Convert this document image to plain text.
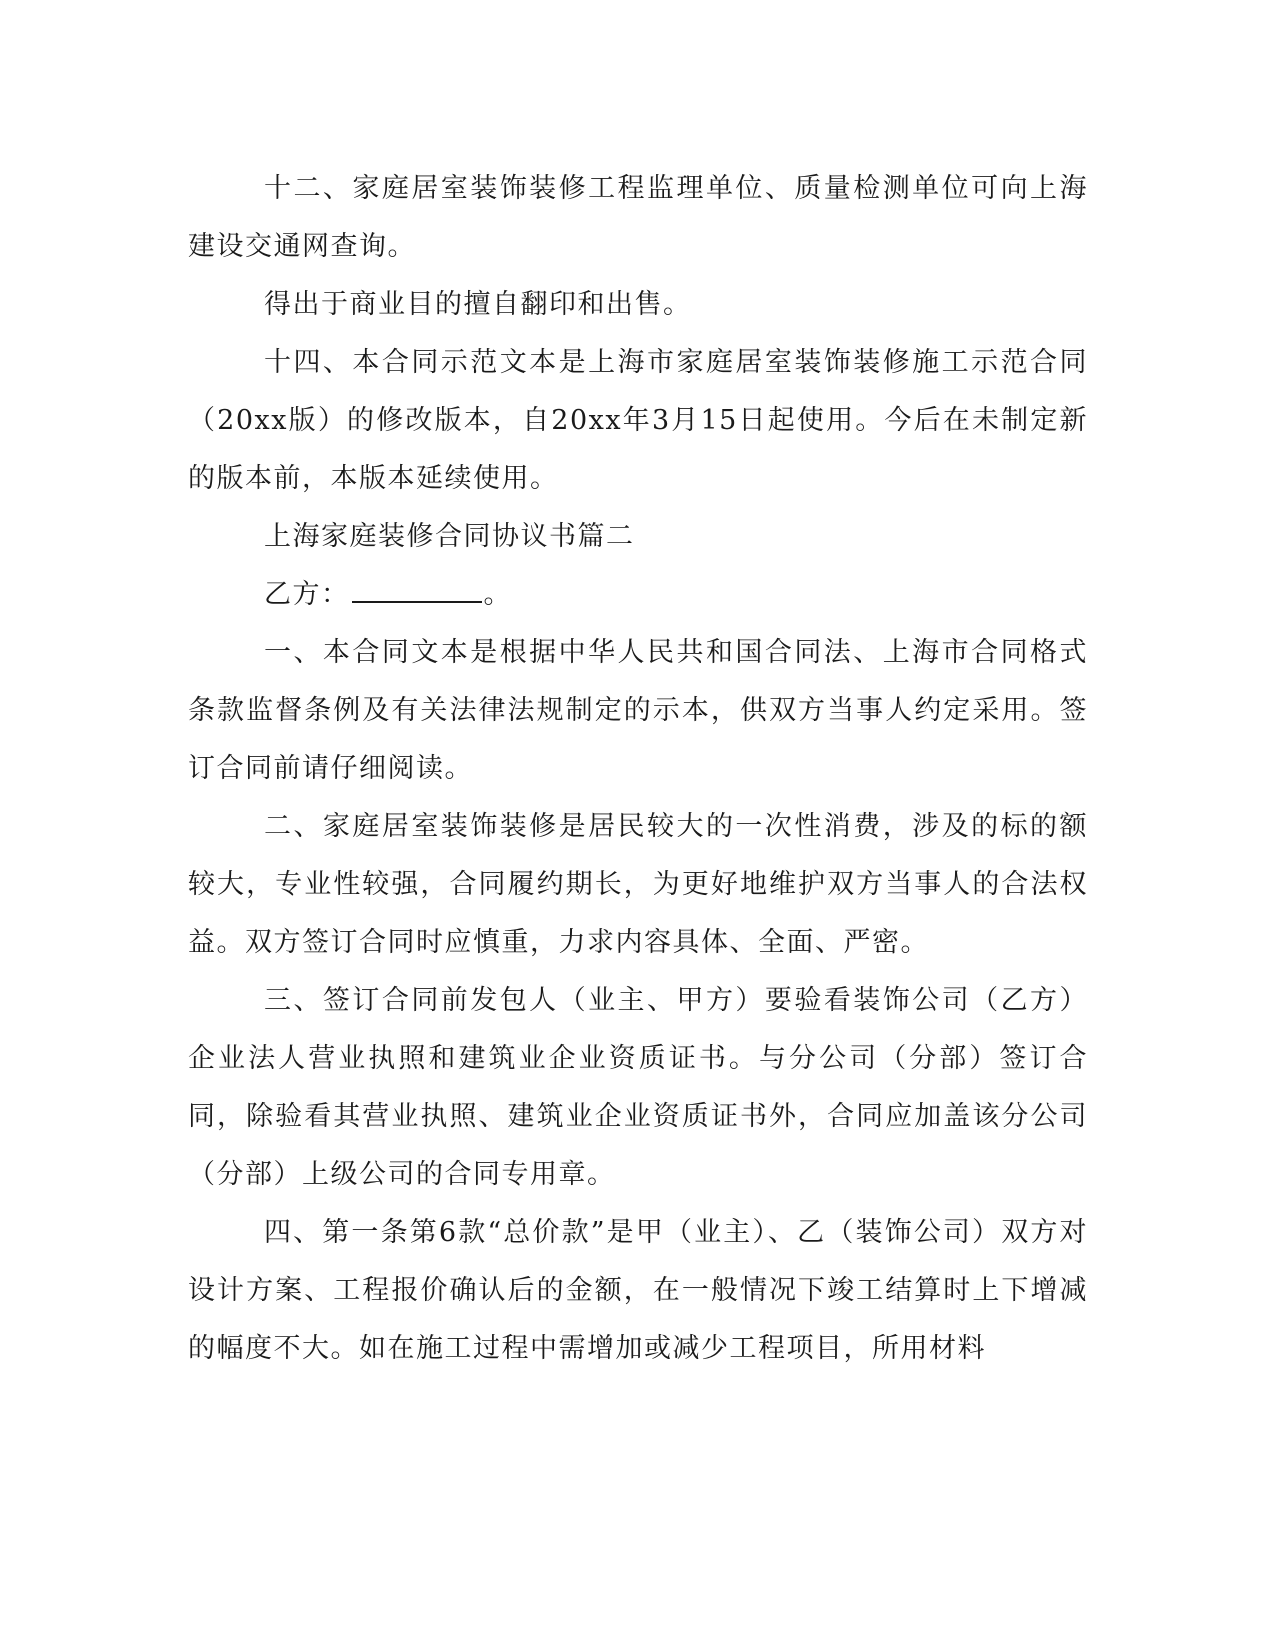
十二、家庭居室装饰装修工程监理单位、质量检测单位可向上海建设交通网查询。

得出于商业目的擅自翻印和出售。

十四、本合同示范文本是上海市家庭居室装饰装修施工示范合同（20xx版）的修改版本，自20xx年3月15日起使用。今后在未制定新的版本前，本版本延续使用。

上海家庭装修合同协议书篇二

乙方：	。

一、本合同文本是根据中华人民共和国合同法、上海市合同格式条款监督条例及有关法律法规制定的示本，供双方当事人约定采用。签订合同前请仔细阅读。

二、家庭居室装饰装修是居民较大的一次性消费，涉及的标的额较大，专业性较强，合同履约期长，为更好地维护双方当事人的合法权益。双方签订合同时应慎重，力求内容具体、全面、严密。

三、签订合同前发包人（业主、甲方）要验看装饰公司（乙方）企业法人营业执照和建筑业企业资质证书。与分公司（分部）签订合同，除验看其营业执照、建筑业企业资质证书外，合同应加盖该分公司（分部）上级公司的合同专用章。

四、第一条第6款“总价款”是甲（业主）、乙（装饰公司）双方对设计方案、工程报价确认后的金额，在一般情况下竣工结算时上下增减的幅度不大。如在施工过程中需增加或减少工程项目，所用材料
